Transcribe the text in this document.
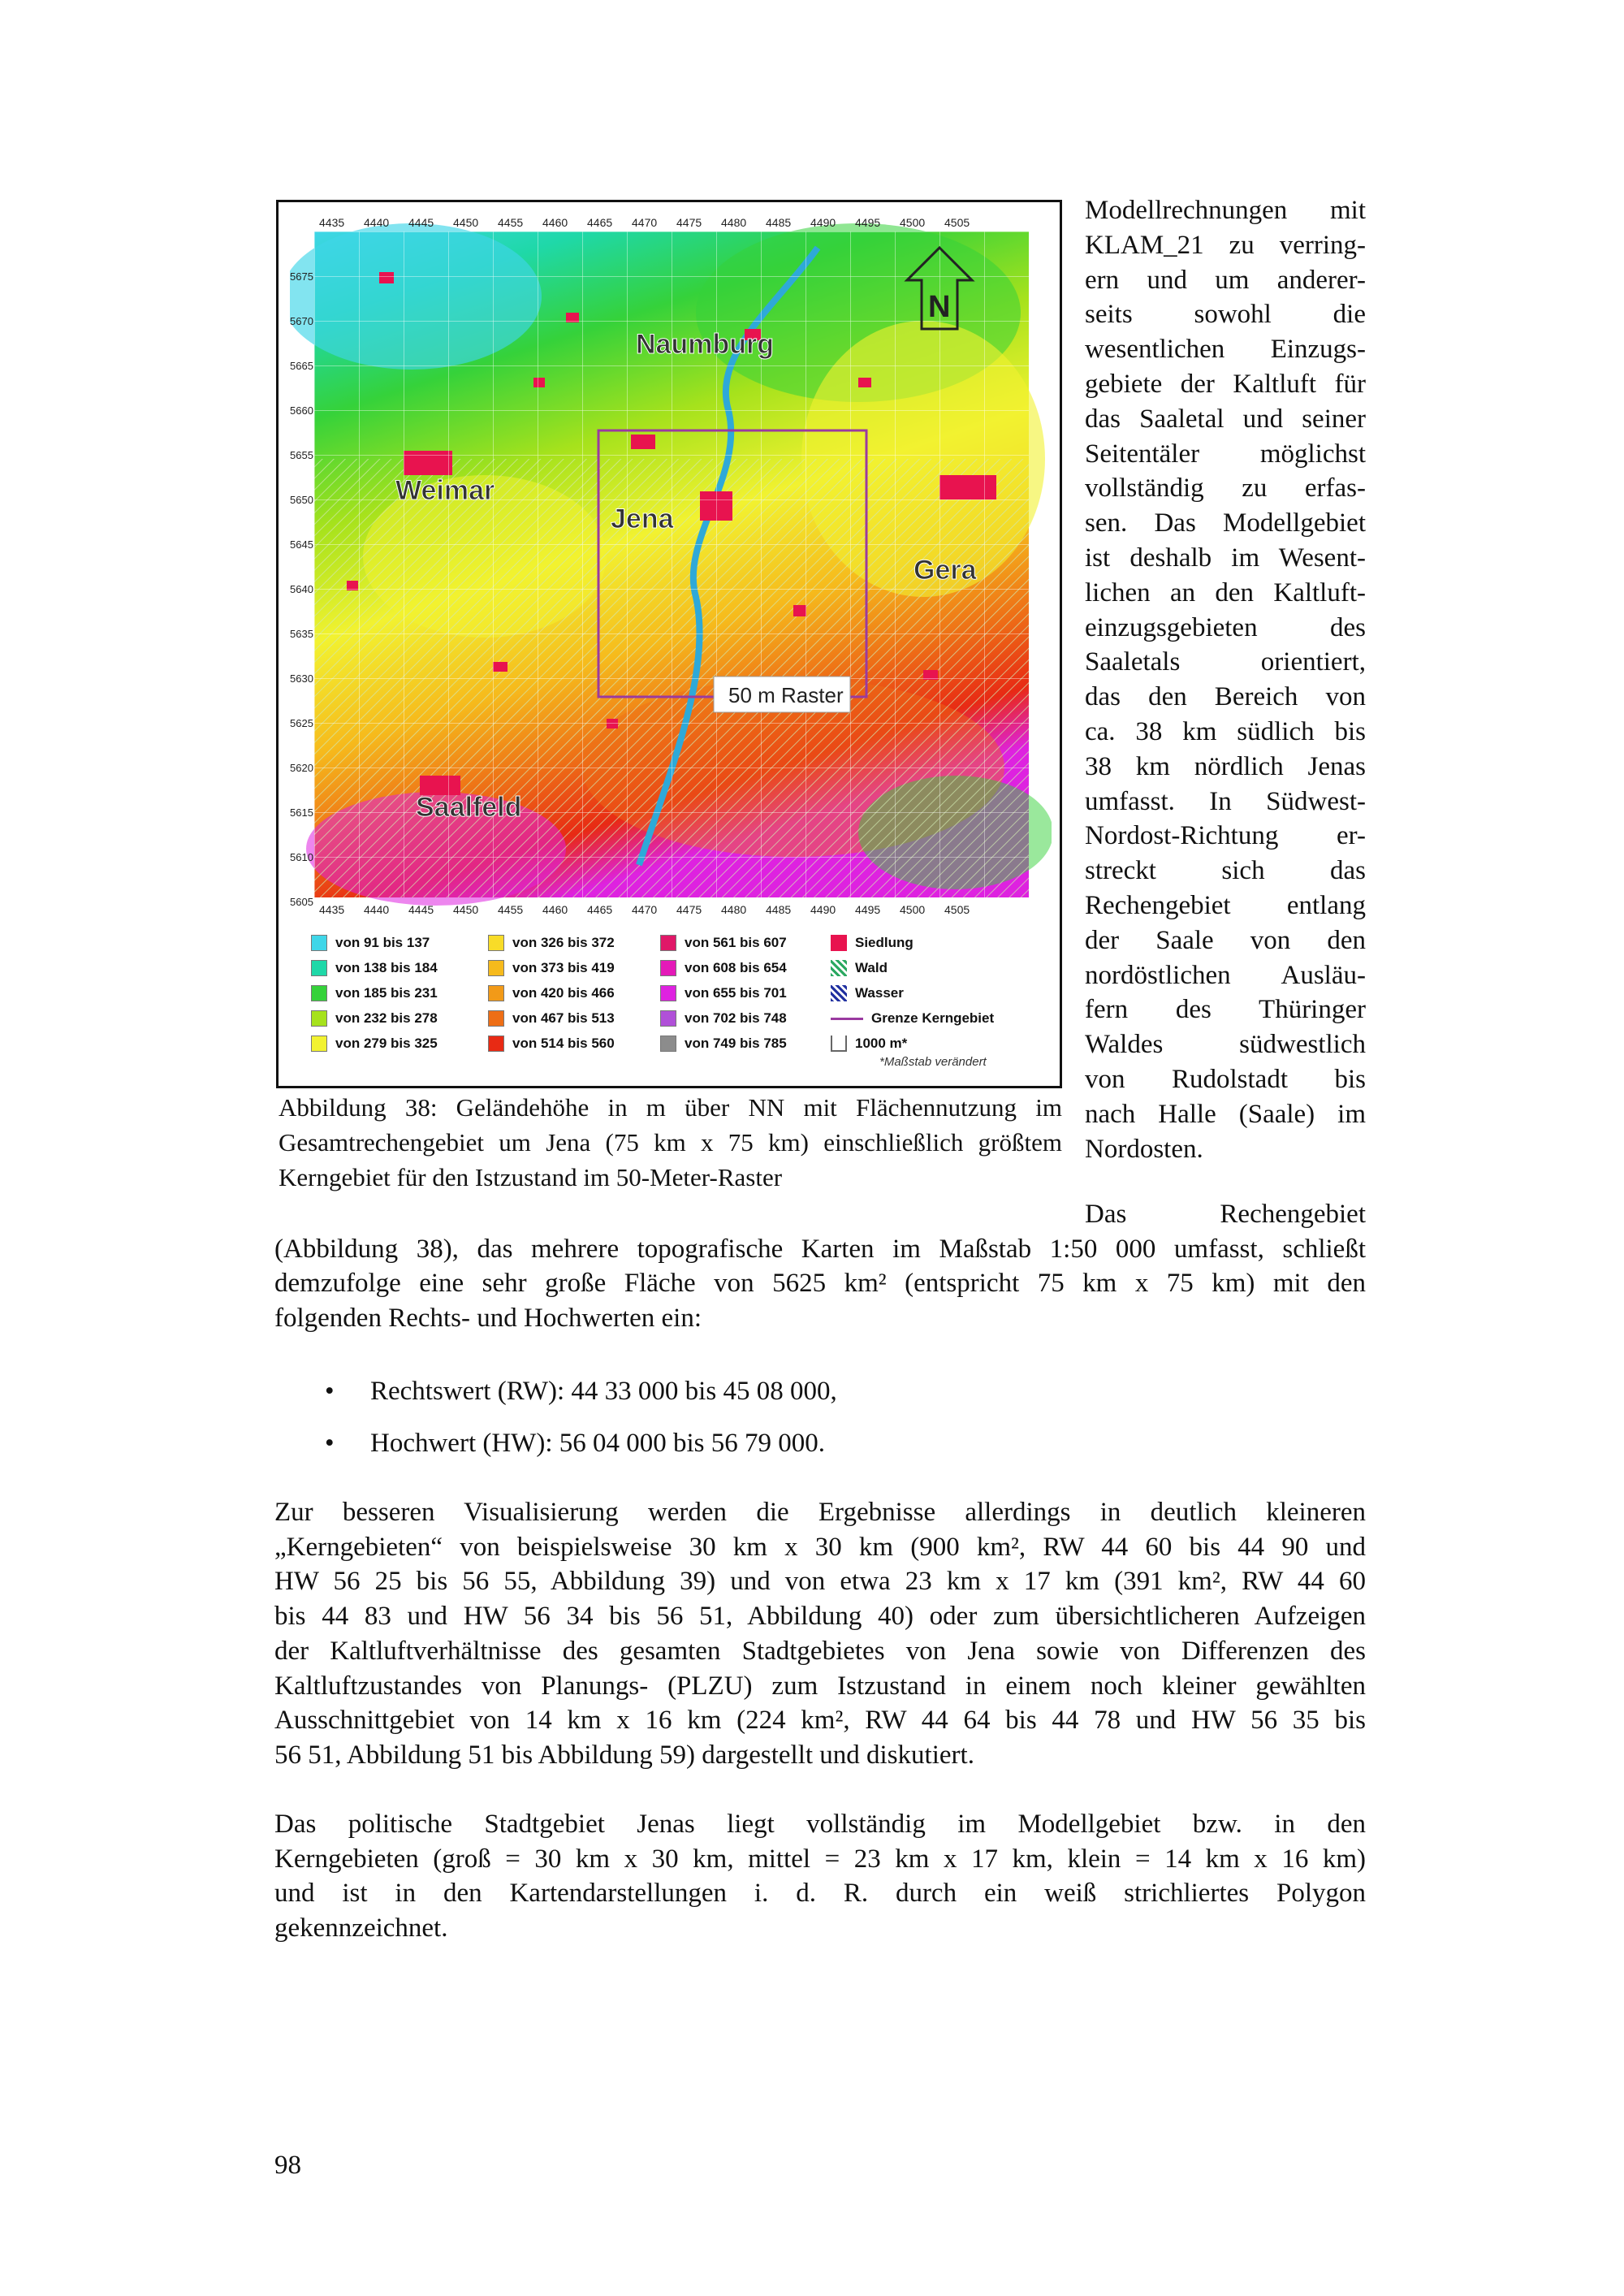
4435 4440 4445 4450 4455 4460 4465 4470 4475 4480 4485 4490 4495 4500 4505
4435 4440 4445 4450 4455 4460 4465 4470 4475 4480 4485 4490 4495 4500 4505
5675
5670
5665
5660
5655
5650
5645
5640
5635
5630
5625
5620
5615
5610
5605
Naumburg
Weimar
Jena
Gera
Saalfeld
50 m Raster
N
von 91 bis 137
von 138 bis 184
von 185 bis 231
von 232 bis 278
von 279 bis 325
von 326 bis 372
von 373 bis 419
von 420 bis 466
von 467 bis 513
von 514 bis 560
von 561 bis 607
von 608 bis 654
von 655 bis 701
von 702 bis 748
von 749 bis 785
Siedlung
Wald
Wasser
Grenze Kerngebiet
1000 m*
*Maßstab verändert
Abbildung 38: Geländehöhe in m über NN mit Flächennutzung im
Gesamtrechengebiet um Jena (75 km x 75 km) einschließlich größtem
Kerngebiet für den Istzustand im 50-Meter-Raster
Modellrechnungen mit
KLAM_21 zu verring-
ern und um anderer-
seits sowohl die
wesentlichen Einzugs-
gebiete der Kaltluft für
das Saaletal und seiner
Seitentäler möglichst
vollständig zu erfas-
sen. Das Modellgebiet
ist deshalb im Wesent-
lichen an den Kaltluft-
einzugsgebieten des
Saaletals orientiert,
das den Bereich von
ca. 38 km südlich bis
38 km nördlich Jenas
umfasst. In Südwest-
Nordost-Richtung er-
streckt sich das
Rechengebiet entlang
der Saale von den
nordöstlichen Ausläu-
fern des Thüringer
Waldes südwestlich
von Rudolstadt bis
nach Halle (Saale) im
Nordosten.
Das Rechengebiet
(Abbildung 38), das mehrere topografische Karten im Maßstab 1:50 000 umfasst, schließt
demzufolge eine sehr große Fläche von 5625 km² (entspricht 75 km x 75 km) mit den
folgenden Rechts- und Hochwerten ein:
• Rechtswert (RW): 44 33 000 bis 45 08 000,
• Hochwert (HW): 56 04 000 bis 56 79 000.
Zur besseren Visualisierung werden die Ergebnisse allerdings in deutlich kleineren
„Kerngebieten“ von beispielsweise 30 km x 30 km (900 km², RW 44 60 bis 44 90 und
HW 56 25 bis 56 55, Abbildung 39) und von etwa 23 km x 17 km (391 km², RW 44 60
bis 44 83 und HW 56 34 bis 56 51, Abbildung 40) oder zum übersichtlicheren Aufzeigen
der Kaltluftverhältnisse des gesamten Stadtgebietes von Jena sowie von Differenzen des
Kaltluftzustandes von Planungs- (PLZU) zum Istzustand in einem noch kleiner gewählten
Ausschnittgebiet von 14 km x 16 km (224 km², RW 44 64 bis 44 78 und HW 56 35 bis
56 51, Abbildung 51 bis Abbildung 59) dargestellt und diskutiert.
Das politische Stadtgebiet Jenas liegt vollständig im Modellgebiet bzw. in den
Kerngebieten (groß = 30 km x 30 km, mittel = 23 km x 17 km, klein = 14 km x 16 km)
und ist in den Kartendarstellungen i. d. R. durch ein weiß strichliertes Polygon
gekennzeichnet.
98
